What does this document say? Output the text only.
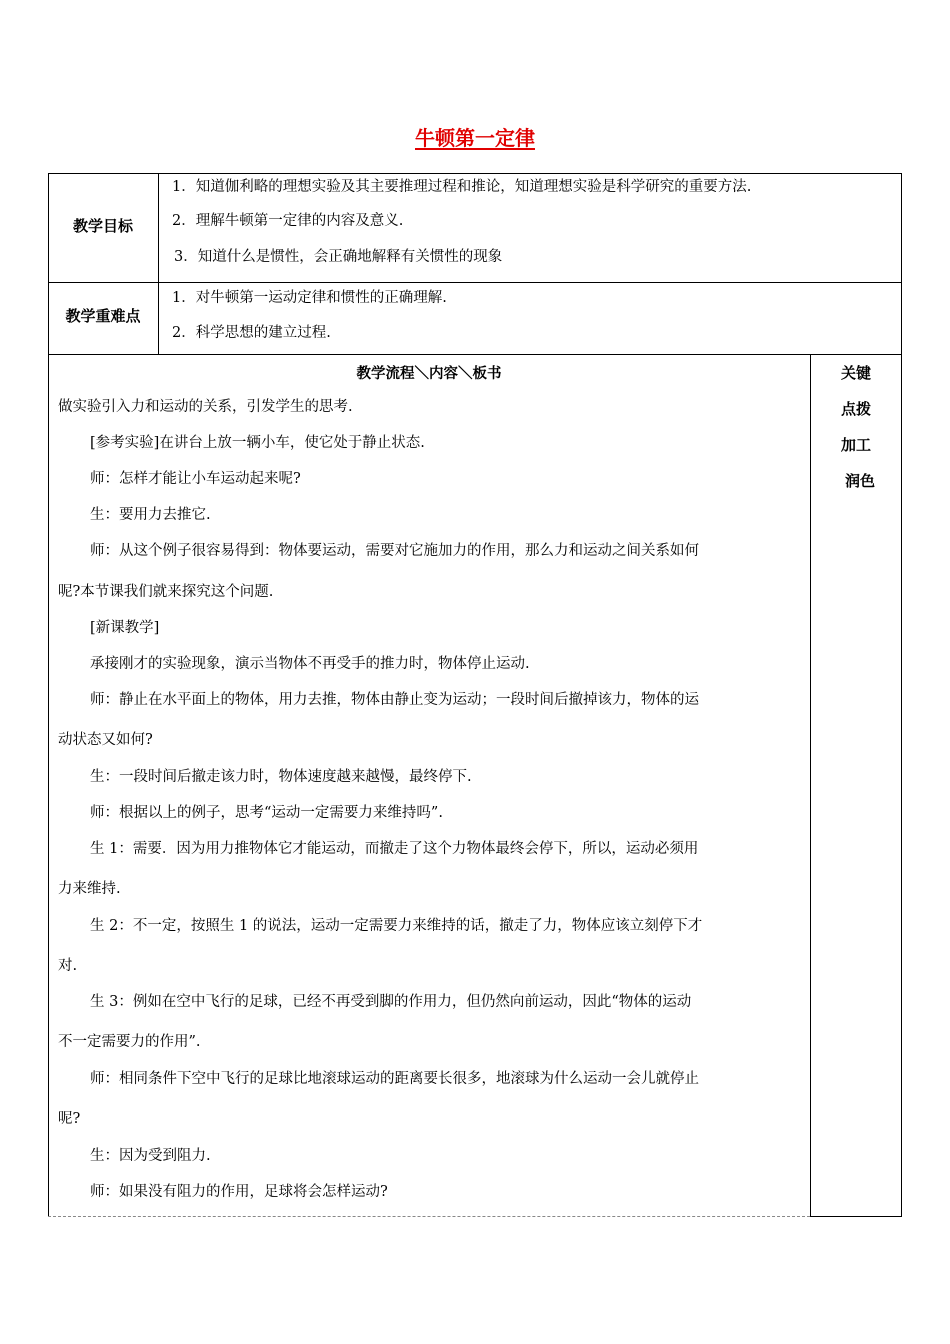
牛顿第一定律
教学目标
1．知道伽利略的理想实验及其主要推理过程和推论，知道理想实验是科学研究的重要方法.
2．理解牛顿第一定律的内容及意义.
3．知道什么是惯性，会正确地解释有关惯性的现象
教学重难点
1．对牛顿第一运动定律和惯性的正确理解.
2．科学思想的建立过程.
教学流程＼内容＼板书	关键
点拨
加工
润色
做实验引入力和运动的关系，引发学生的思考.
[参考实验]在讲台上放一辆小车，使它处于静止状态.
师：怎样才能让小车运动起来呢?
生：要用力去推它.
师：从这个例子很容易得到：物体要运动，需要对它施加力的作用，那么力和运动之间关系如何
呢?本节课我们就来探究这个问题.
[新课教学]
承接刚才的实验现象，演示当物体不再受手的推力时，物体停止运动.
师：静止在水平面上的物体，用力去推，物体由静止变为运动；一段时间后撤掉该力，物体的运
动状态又如何?
生：一段时间后撤走该力时，物体速度越来越慢，最终停下.
师：根据以上的例子，思考“运动一定需要力来维持吗”.
生 1：需要．因为用力推物体它才能运动，而撤走了这个力物体最终会停下，所以，运动必须用
力来维持.
生 2：不一定，按照生 1 的说法，运动一定需要力来维持的话，撤走了力，物体应该立刻停下才
对.
生 3：例如在空中飞行的足球，已经不再受到脚的作用力，但仍然向前运动，因此“物体的运动
不一定需要力的作用”.
师：相同条件下空中飞行的足球比地滚球运动的距离要长很多，地滚球为什么运动一会儿就停止
呢?
生：因为受到阻力.
师：如果没有阻力的作用，足球将会怎样运动?
